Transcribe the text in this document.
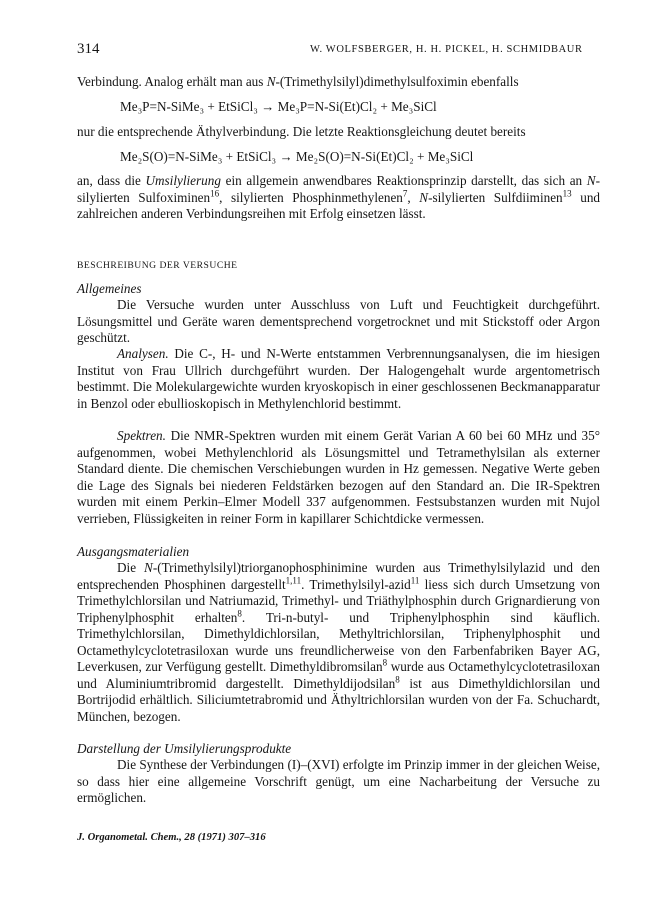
314	W. WOLFSBERGER, H. H. PICKEL, H. SCHMIDBAUR

Verbindung. Analog erhält man aus N-(Trimethylsilyl)dimethylsulfoximin ebenfalls

Me₃P=N-SiMe₃ + EtSiCl₃ → Me₃P=N-Si(Et)Cl₂ + Me₃SiCl

nur die entsprechende Äthylverbindung. Die letzte Reaktionsgleichung deutet bereits

Me₂S(O)=N-SiMe₃ + EtSiCl₃ → Me₂S(O)=N-Si(Et)Cl₂ + Me₃SiCl

an, dass die Umsilylierung ein allgemein anwendbares Reaktionsprinzip darstellt, das sich an N-silylierten Sulfoximinen$^{16}$, silylierten Phosphinmethylenen$^7$, N-silylierten Sulfdiiminen$^{13}$ und zahlreichen anderen Verbindungsreihen mit Erfolg einsetzen lässt.

BESCHREIBUNG DER VERSUCHE
Allgemeines

Die Versuche wurden unter Ausschluss von Luft und Feuchtigkeit durchgeführt. Lösungsmittel und Geräte waren dementsprechend vorgetrocknet und mit Stickstoff oder Argon geschützt.

Analysen. Die C-, H- und N-Werte entstammen Verbrennungsanalysen, die im hiesigen Institut von Frau Ullrich durchgeführt wurden. Der Halogengehalt wurde argentometrisch bestimmt. Die Molekulargewichte wurden kryoskopisch in einer geschlossenen Beckmanapparatur in Benzol oder ebullioskopisch in Methylenchlorid bestimmt.

Spektren. Die NMR-Spektren wurden mit einem Gerät Varian A 60 bei 60 MHz und 35° aufgenommen, wobei Methylenchlorid als Lösungsmittel und Tetramethylsilan als externer Standard diente. Die chemischen Verschiebungen wurden in Hz gemessen. Negative Werte geben die Lage des Signals bei niederen Feldstärken bezogen auf den Standard an. Die IR-Spektren wurden mit einem Perkin–Elmer Modell 337 aufgenommen. Festsubstanzen wurden mit Nujol verrieben, Flüssigkeiten in reiner Form in kapillarer Schichtdicke vermessen.

Ausgangsmaterialien

Die N-(Trimethylsilyl)triorganophosphinimine wurden aus Trimethylsilylazid und den entsprechenden Phosphinen dargestellt$^{1,11}$. Trimethylsilyl-azid$^{11}$ liess sich durch Umsetzung von Trimethylchlorsilan und Natriumazid, Trimethyl- und Triäthylphosphin durch Grignardierung von Triphenylphosphit erhalten$^8$. Tri-n-butyl- und Triphenylphosphin sind käuflich. Trimethylchlorsilan, Dimethyldichlorsilan, Methyltrichlorsilan, Triphenylphosphit und Octamethylcyclotetrasiloxan wurde uns freundlicherweise von den Farbenfabriken Bayer AG, Leverkusen, zur Verfügung gestellt. Dimethyldibromsilan$^8$ wurde aus Octamethylcyclotetrasiloxan und Aluminiumtribromid dargestellt. Dimethyldijodsilan$^8$ ist aus Dimethyldichlorsilan und Bortrijodid erhältlich. Siliciumtetrabromid und Äthyltrichlorsilan wurden von der Fa. Schuchardt, München, bezogen.

Darstellung der Umsilylierungsprodukte

Die Synthese der Verbindungen (I)–(XVI) erfolgte im Prinzip immer in der gleichen Weise, so dass hier eine allgemeine Vorschrift genügt, um eine Nacharbeitung der Versuche zu ermöglichen.

J. Organometal. Chem., 28 (1971) 307–316
